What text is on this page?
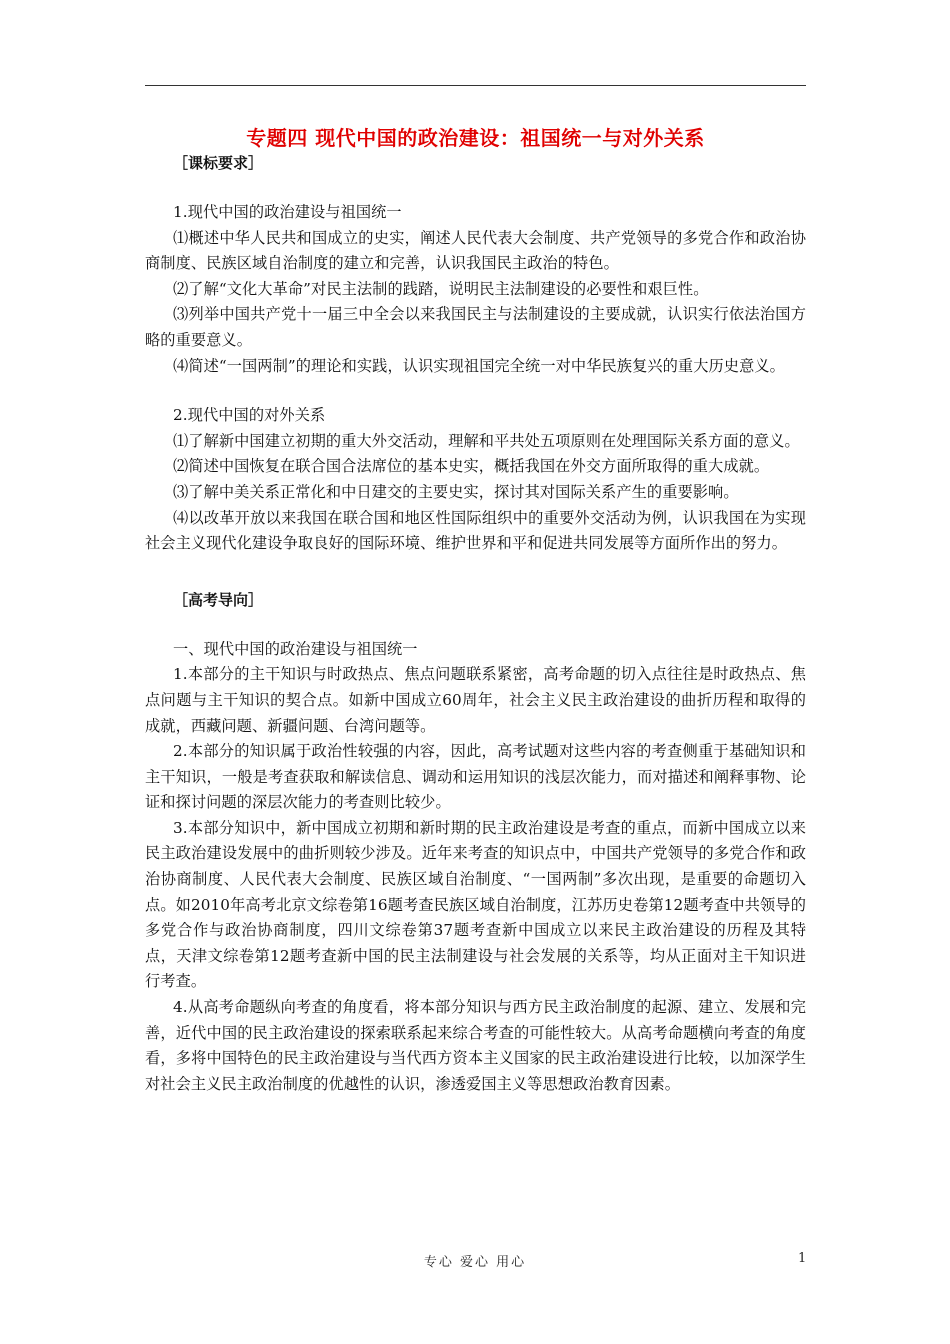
专题四 现代中国的政治建设：祖国统一与对外关系

［课标要求］

1.现代中国的政治建设与祖国统一

⑴概述中华人民共和国成立的史实，阐述人民代表大会制度、共产党领导的多党合作和政治协商制度、民族区域自治制度的建立和完善，认识我国民主政治的特色。

⑵了解“文化大革命”对民主法制的践踏，说明民主法制建设的必要性和艰巨性。

⑶列举中国共产党十一届三中全会以来我国民主与法制建设的主要成就，认识实行依法治国方略的重要意义。

⑷简述“一国两制”的理论和实践，认识实现祖国完全统一对中华民族复兴的重大历史意义。

2.现代中国的对外关系

⑴了解新中国建立初期的重大外交活动，理解和平共处五项原则在处理国际关系方面的意义。

⑵简述中国恢复在联合国合法席位的基本史实，概括我国在外交方面所取得的重大成就。

⑶了解中美关系正常化和中日建交的主要史实，探讨其对国际关系产生的重要影响。

⑷以改革开放以来我国在联合国和地区性国际组织中的重要外交活动为例，认识我国在为实现社会主义现代化建设争取良好的国际环境、维护世界和平和促进共同发展等方面所作出的努力。

［高考导向］

一、现代中国的政治建设与祖国统一

1.本部分的主干知识与时政热点、焦点问题联系紧密，高考命题的切入点往往是时政热点、焦点问题与主干知识的契合点。如新中国成立60周年，社会主义民主政治建设的曲折历程和取得的成就，西藏问题、新疆问题、台湾问题等。

2.本部分的知识属于政治性较强的内容，因此，高考试题对这些内容的考查侧重于基础知识和主干知识，一般是考查获取和解读信息、调动和运用知识的浅层次能力，而对描述和阐释事物、论证和探讨问题的深层次能力的考查则比较少。

3.本部分知识中，新中国成立初期和新时期的民主政治建设是考查的重点，而新中国成立以来民主政治建设发展中的曲折则较少涉及。近年来考查的知识点中，中国共产党领导的多党合作和政治协商制度、人民代表大会制度、民族区域自治制度、“一国两制”多次出现，是重要的命题切入点。如2010年高考北京文综卷第16题考查民族区域自治制度，江苏历史卷第12题考查中共领导的多党合作与政治协商制度，四川文综卷第37题考查新中国成立以来民主政治建设的历程及其特点，天津文综卷第12题考查新中国的民主法制建设与社会发展的关系等，均从正面对主干知识进行考查。

4.从高考命题纵向考查的角度看，将本部分知识与西方民主政治制度的起源、建立、发展和完善，近代中国的民主政治建设的探索联系起来综合考查的可能性较大。从高考命题横向考查的角度看，多将中国特色的民主政治建设与当代西方资本主义国家的民主政治建设进行比较，以加深学生对社会主义民主政治制度的优越性的认识，渗透爱国主义等思想政治教育因素。

专心 爱心 用心	1
